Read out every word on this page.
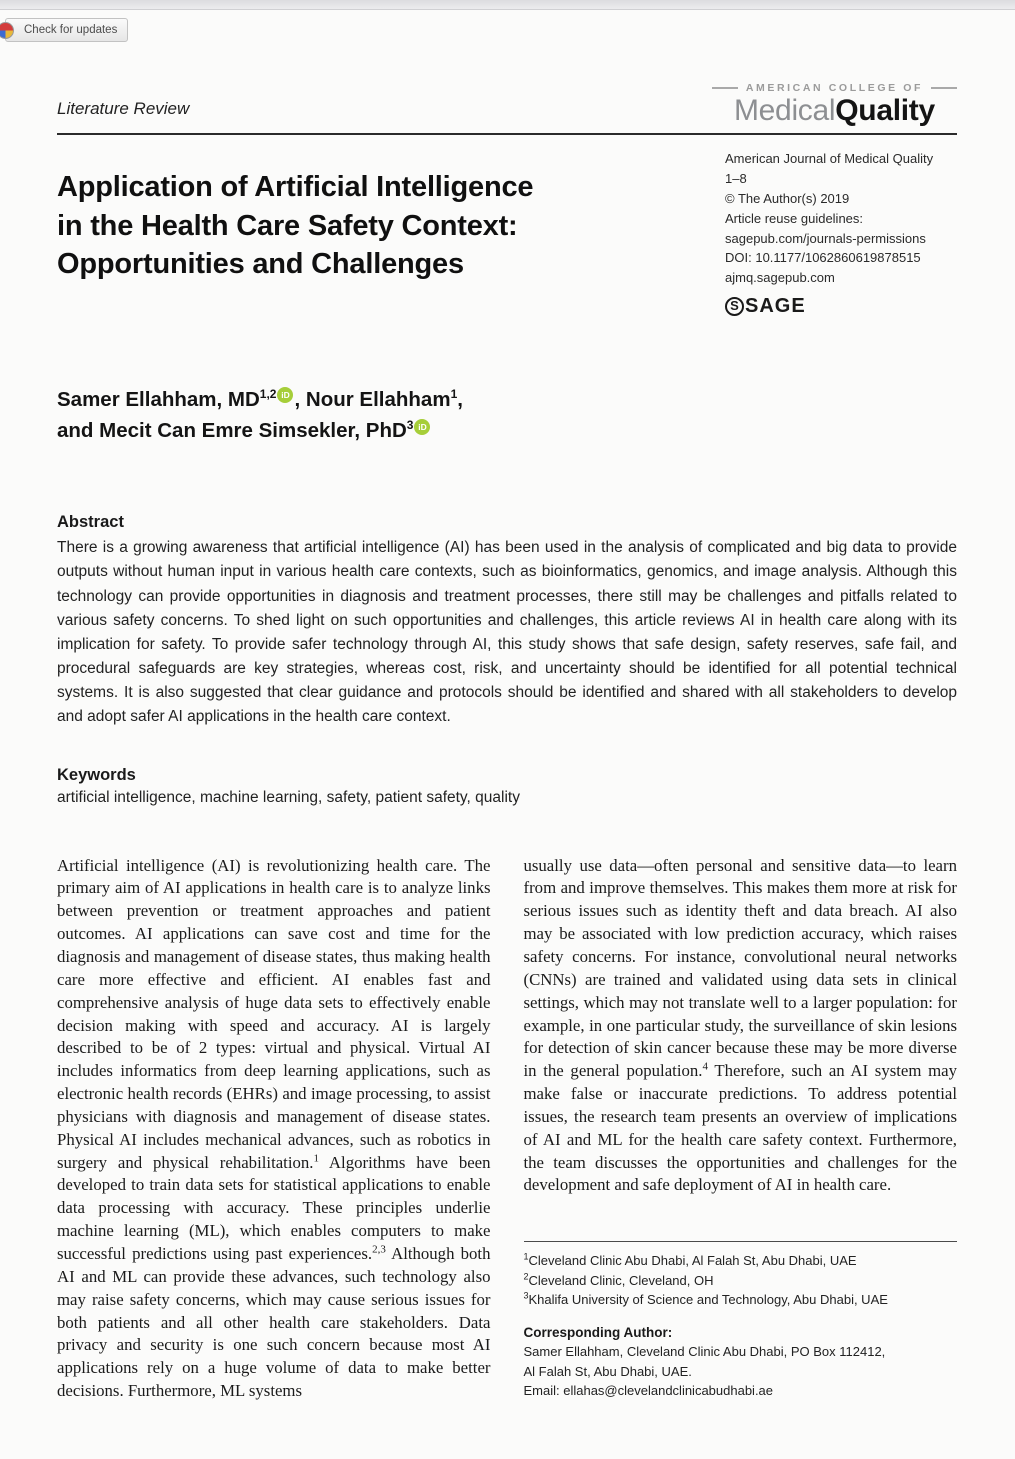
Check for updates
Literature Review
AMERICAN COLLEGE OF
MedicalQuality
Application of Artificial Intelligence
in the Health Care Safety Context:
Opportunities and Challenges
American Journal of Medical Quality
1–8
© The Author(s) 2019
Article reuse guidelines:
sagepub.com/journals-permissions
DOI: 10.1177/1062860619878515
ajmq.sagepub.com
S SAGE
Samer Ellahham, MD$^{1,2}$ iD , Nour Ellahham$^1$,
and Mecit Can Emre Simsekler, PhD$^3$ iD
Abstract
There is a growing awareness that artificial intelligence (AI) has been used in the analysis of complicated and big data to provide outputs without human input in various health care contexts, such as bioinformatics, genomics, and image analysis. Although this technology can provide opportunities in diagnosis and treatment processes, there still may be challenges and pitfalls related to various safety concerns. To shed light on such opportunities and challenges, this article reviews AI in health care along with its implication for safety. To provide safer technology through AI, this study shows that safe design, safety reserves, safe fail, and procedural safeguards are key strategies, whereas cost, risk, and uncertainty should be identified for all potential technical systems. It is also suggested that clear guidance and protocols should be identified and shared with all stakeholders to develop and adopt safer AI applications in the health care context.
Keywords
artificial intelligence, machine learning, safety, patient safety, quality
Artificial intelligence (AI) is revolutionizing health care. The primary aim of AI applications in health care is to analyze links between prevention or treatment approaches and patient outcomes. AI applications can save cost and time for the diagnosis and management of disease states, thus making health care more effective and efficient. AI enables fast and comprehensive analysis of huge data sets to effectively enable decision making with speed and accuracy. AI is largely described to be of 2 types: virtual and physical. Virtual AI includes informatics from deep learning applications, such as electronic health records (EHRs) and image processing, to assist physicians with diagnosis and management of disease states. Physical AI includes mechanical advances, such as robotics in surgery and physical rehabilitation.$^1$ Algorithms have been developed to train data sets for statistical applications to enable data processing with accuracy. These principles underlie machine learning (ML), which enables computers to make successful predictions using past experiences.$^{2,3}$ Although both AI and ML can provide these advances, such technology also may raise safety concerns, which may cause serious issues for both patients and all other health care stakeholders. Data privacy and security is one such concern because most AI applications rely on a huge volume of data to make better decisions. Furthermore, ML systems
usually use data—often personal and sensitive data—to learn from and improve themselves. This makes them more at risk for serious issues such as identity theft and data breach. AI also may be associated with low prediction accuracy, which raises safety concerns. For instance, convolutional neural networks (CNNs) are trained and validated using data sets in clinical settings, which may not translate well to a larger population: for example, in one particular study, the surveillance of skin lesions for detection of skin cancer because these may be more diverse in the general population.$^4$ Therefore, such an AI system may make false or inaccurate predictions. To address potential issues, the research team presents an overview of implications of AI and ML for the health care safety context. Furthermore, the team discusses the opportunities and challenges for the development and safe deployment of AI in health care.
$^1$Cleveland Clinic Abu Dhabi, Al Falah St, Abu Dhabi, UAE
$^2$Cleveland Clinic, Cleveland, OH
$^3$Khalifa University of Science and Technology, Abu Dhabi, UAE
Corresponding Author:
Samer Ellahham, Cleveland Clinic Abu Dhabi, PO Box 112412,
Al Falah St, Abu Dhabi, UAE.
Email: ellahas@clevelandclinicabudhabi.ae
